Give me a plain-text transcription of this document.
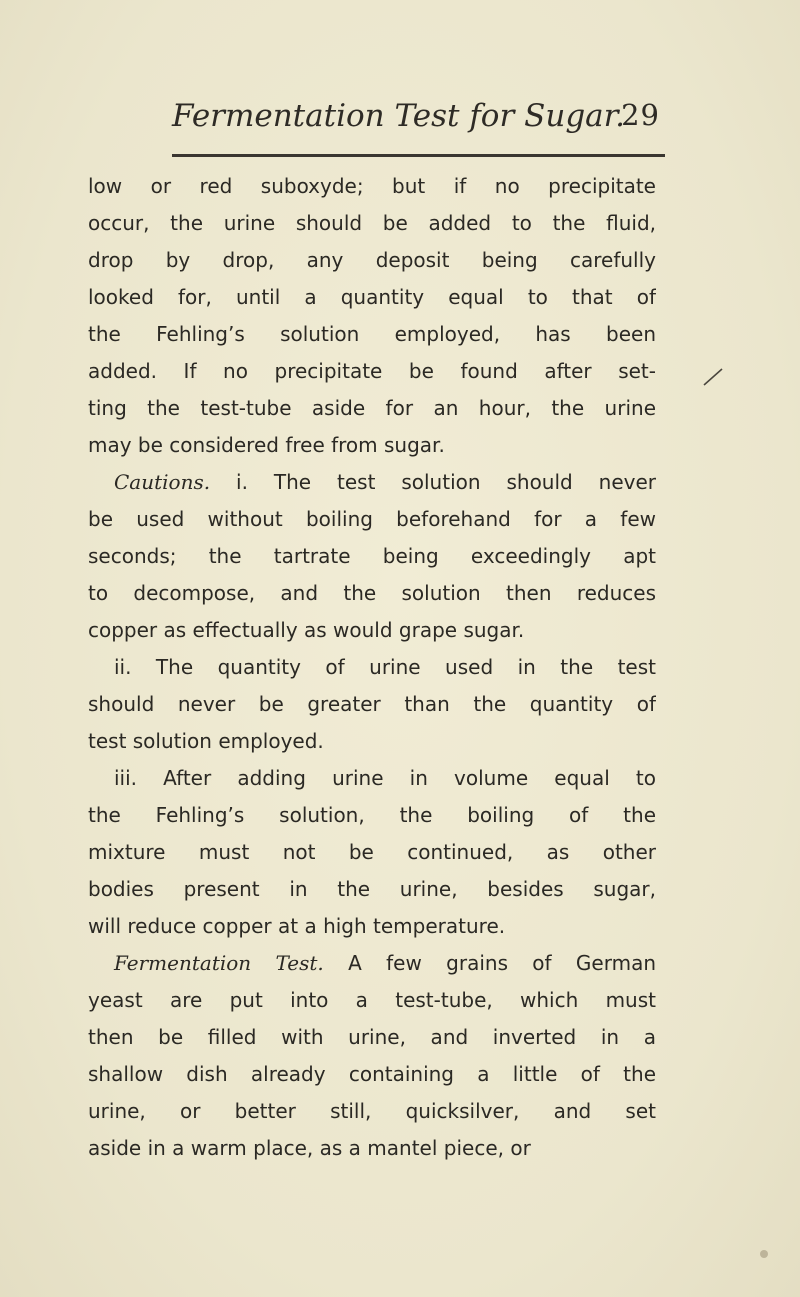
Fermentation Test for Sugar.
29
low or red suboxyde; but if no precipitate
occur, the urine should be added to the fluid,
drop by drop, any deposit being carefully
looked for, until a quantity equal to that of
the Fehling’s solution employed, has been
added. If no precipitate be found after set-
ting the test-tube aside for an hour, the urine
may be considered free from sugar.
Cautions. i. The test solution should never
be used without boiling beforehand for a few
seconds; the tartrate being exceedingly apt
to decompose, and the solution then reduces
copper as effectually as would grape sugar.
ii. The quantity of urine used in the test
should never be greater than the quantity of
test solution employed.
iii. After adding urine in volume equal to
the Fehling’s solution, the boiling of the
mixture must not be continued, as other
bodies present in the urine, besides sugar,
will reduce copper at a high temperature.
Fermentation Test. A few grains of German
yeast are put into a test-tube, which must
then be filled with urine, and inverted in a
shallow dish already containing a little of the
urine, or better still, quicksilver, and set
aside in a warm place, as a mantel piece, or
